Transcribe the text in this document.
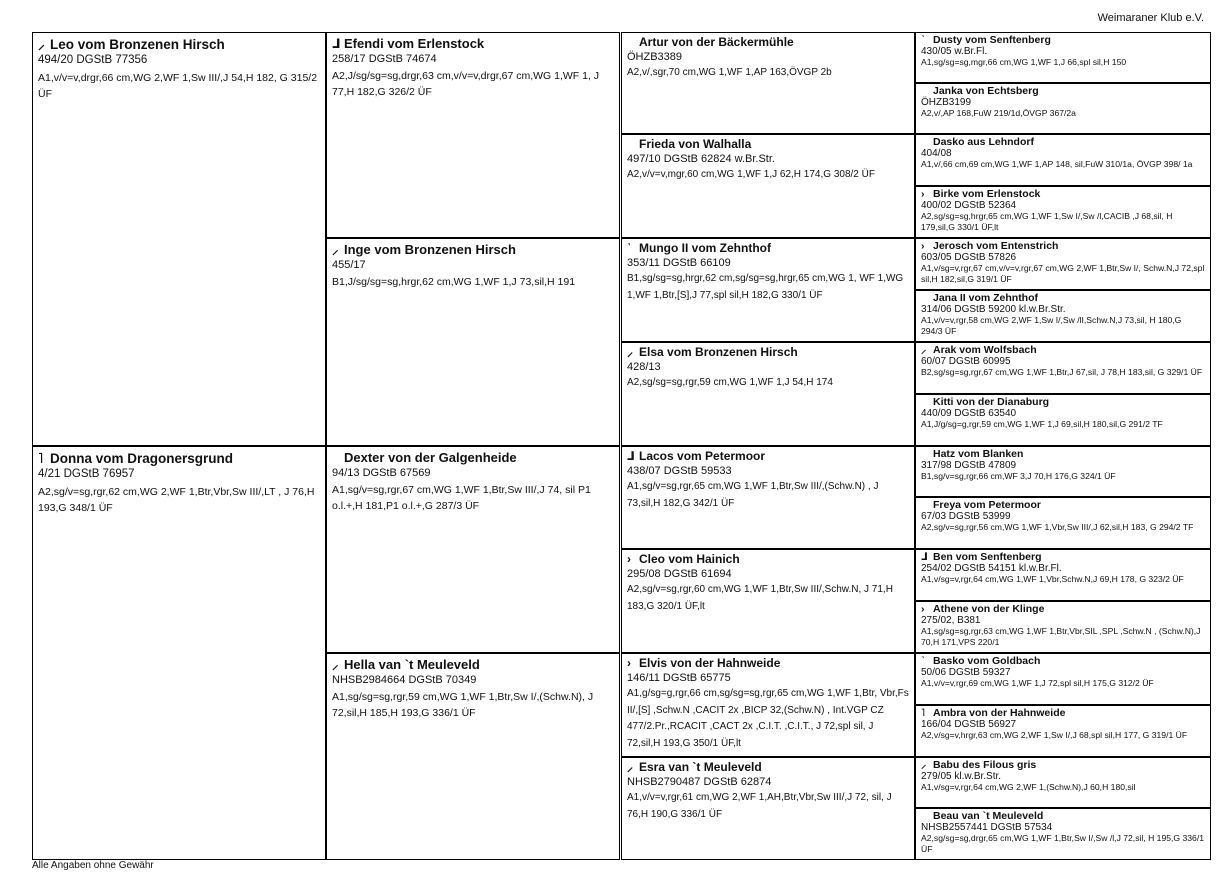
Weimaraner Klub e.V.
⸝ Leo vom Bronzenen Hirsch
494/20 DGStB 77356
A1,v/v=v,drgr,66 cm,WG 2,WF 1,Sw III/,J 54,H 182, G 315/2 ÜF
˥ Donna vom Dragonersgrund
4/21 DGStB 76957
A2,sg/v=sg,rgr,62 cm,WG 2,WF 1,Btr,Vbr,Sw III/,LT , J 76,H 193,G 348/1 ÜF
⅃ Efendi vom Erlenstock
258/17 DGStB 74674
A2,J/sg/sg=sg,drgr,63 cm,v/v=v,drgr,67 cm,WG 1,WF 1, J 77,H 182,G 326/2 ÜF
⸝ Inge vom Bronzenen Hirsch
455/17
B1,J/sg/sg=sg,hrgr,62 cm,WG 1,WF 1,J 73,sil,H 191
Dexter von der Galgenheide
94/13 DGStB 67569
A1,sg/v=sg,rgr,67 cm,WG 1,WF 1,Btr,Sw III/,J 74, sil P1 o.l.+,H 181,P1 o.l.+,G 287/3 ÜF
⸝ Hella van `t Meuleveld
NHSB2984664 DGStB 70349
A1,sg/sg=sg,rgr,59 cm,WG 1,WF 1,Btr,Sw I/,(Schw.N), J 72,sil,H 185,H 193,G 336/1 ÜF
Artur von der Bäckermühle
ÖHZB3389
A2,v/,sgr,70 cm,WG 1,WF 1,AP 163,ÖVGP 2b
Frieda von Walhalla
497/10 DGStB 62824 w.Br.Str.
A2,v/v=v,mgr,60 cm,WG 1,WF 1,J 62,H 174,G 308/2 ÜF
˺ Mungo II vom Zehnthof
353/11 DGStB 66109
B1,sg/sg=sg,hrgr,62 cm,sg/sg=sg,hrgr,65 cm,WG 1, WF 1,WG 1,WF 1,Btr,[S],J 77,spl sil,H 182,G 330/1 ÜF
⸝ Elsa vom Bronzenen Hirsch
428/13
A2,sg/sg=sg,rgr,59 cm,WG 1,WF 1,J 54,H 174
⅃ Lacos vom Petermoor
438/07 DGStB 59533
A1,sg/v=sg,rgr,65 cm,WG 1,WF 1,Btr,Sw III/,(Schw.N) , J 73,sil,H 182,G 342/1 ÜF
› Cleo vom Hainich
295/08 DGStB 61694
A2,sg/v=sg,rgr,60 cm,WG 1,WF 1,Btr,Sw III/,Schw.N, J 71,H 183,G 320/1 ÜF,lt
› Elvis von der Hahnweide
146/11 DGStB 65775
A1,g/sg=g,rgr,66 cm,sg/sg=sg,rgr,65 cm,WG 1,WF 1,Btr, Vbr,Fs II/,[S] ,Schw.N ,CACIT 2x ,BICP 32,(Schw.N) , Int.VGP CZ 477/2.Pr.,RCACIT ,CACT 2x ,C.I.T. ,C.I.T., J 72,spl sil, J 72,sil,H 193,G 350/1 ÜF,lt
⸝ Esra van `t Meuleveld
NHSB2790487 DGStB 62874
A1,v/v=v,rgr,61 cm,WG 2,WF 1,AH,Btr,Vbr,Sw III/,J 72, sil, J 76,H 190,G 336/1 ÜF
˺ Dusty vom Senftenberg
430/05 w.Br.Fl.
A1,sg/sg=sg,mgr,66 cm,WG 1,WF 1,J 66,spl sil,H 150
Janka von Echtsberg
ÖHZB3199
A2,v/,AP 168,FuW 219/1d,ÖVGP 367/2a
Dasko aus Lehndorf
404/08
A1,v/,66 cm,69 cm,WG 1,WF 1,AP 148, sil,FuW 310/1a, ÖVGP 398/ 1a
› Birke vom Erlenstock
400/02 DGStB 52364
A2,sg/sg=sg,hrgr,65 cm,WG 1,WF 1,Sw I/,Sw /l,CACIB ,J 68,sil, H 179,sil,G 330/1 ÜF,lt
› Jerosch vom Entenstrich
603/05 DGStB 57826
A1,v/sg=v,rgr,67 cm,v/v=v,rgr,67 cm,WG 2,WF 1,Btr,Sw I/, Schw.N,J 72,spl sil,H 182,sil,G 319/1 ÜF
Jana II vom Zehnthof
314/06 DGStB 59200 kl.w.Br.Str.
A1,v/v=v,rgr,58 cm,WG 2,WF 1,Sw I/,Sw /lI,Schw.N,J 73,sil, H 180,G 294/3 ÜF
⸝ Arak vom Wolfsbach
60/07 DGStB 60995
B2,sg/sg=sg,rgr,67 cm,WG 1,WF 1,Btr,J 67,sil, J 78,H 183,sil, G 329/1 ÜF
Kitti von der Dianaburg
440/09 DGStB 63540
A1,J/g/sg=g,rgr,59 cm,WG 1,WF 1,J 69,sil,H 180,sil,G 291/2 TF
Hatz vom Blanken
317/98 DGStB 47809
B1,sg/v=sg,rgr,66 cm,WF 3,J 70,H 176,G 324/1 ÜF
Freya vom Petermoor
67/03 DGStB 53999
A2,sg/v=sg,rgr,56 cm,WG 1,WF 1,Vbr,Sw III/,J 62,sil,H 183, G 294/2 TF
⅃ Ben vom Senftenberg
254/02 DGStB 54151 kl.w.Br.Fl.
A1,v/sg=v,rgr,64 cm,WG 1,WF 1,Vbr,Schw.N,J 69,H 178, G 323/2 ÜF
› Athene von der Klinge
275/02, B381
A1,sg/sg=sg,rgr,63 cm,WG 1,WF 1,Btr,Vbr,SIL ,SPL ,Schw.N , (Schw.N),J 70,H 171,VPS 220/1
˺ Basko vom Goldbach
50/06 DGStB 59327
A1,v/v=v,rgr,69 cm,WG 1,WF 1,J 72,spl sil,H 175,G 312/2 ÜF
˥ Ambra von der Hahnweide
166/04 DGStB 56927
A2,v/sg=v,hrgr,63 cm,WG 2,WF 1,Sw I/,J 68,spl sil,H 177, G 319/1 ÜF
⸝ Babu des Filous gris
279/05 kl.w.Br.Str.
A1,v/sg=v,rgr,64 cm,WG 2,WF 1,(Schw.N),J 60,H 180,sil
Beau van `t Meuleveld
NHSB2557441 DGStB 57534
A2,sg/sg=sg,drgr,65 cm,WG 1,WF 1,Btr,Sw I/,Sw /l,J 72,sil, H 195,G 336/1 ÜF
Alle Angaben ohne Gewähr
